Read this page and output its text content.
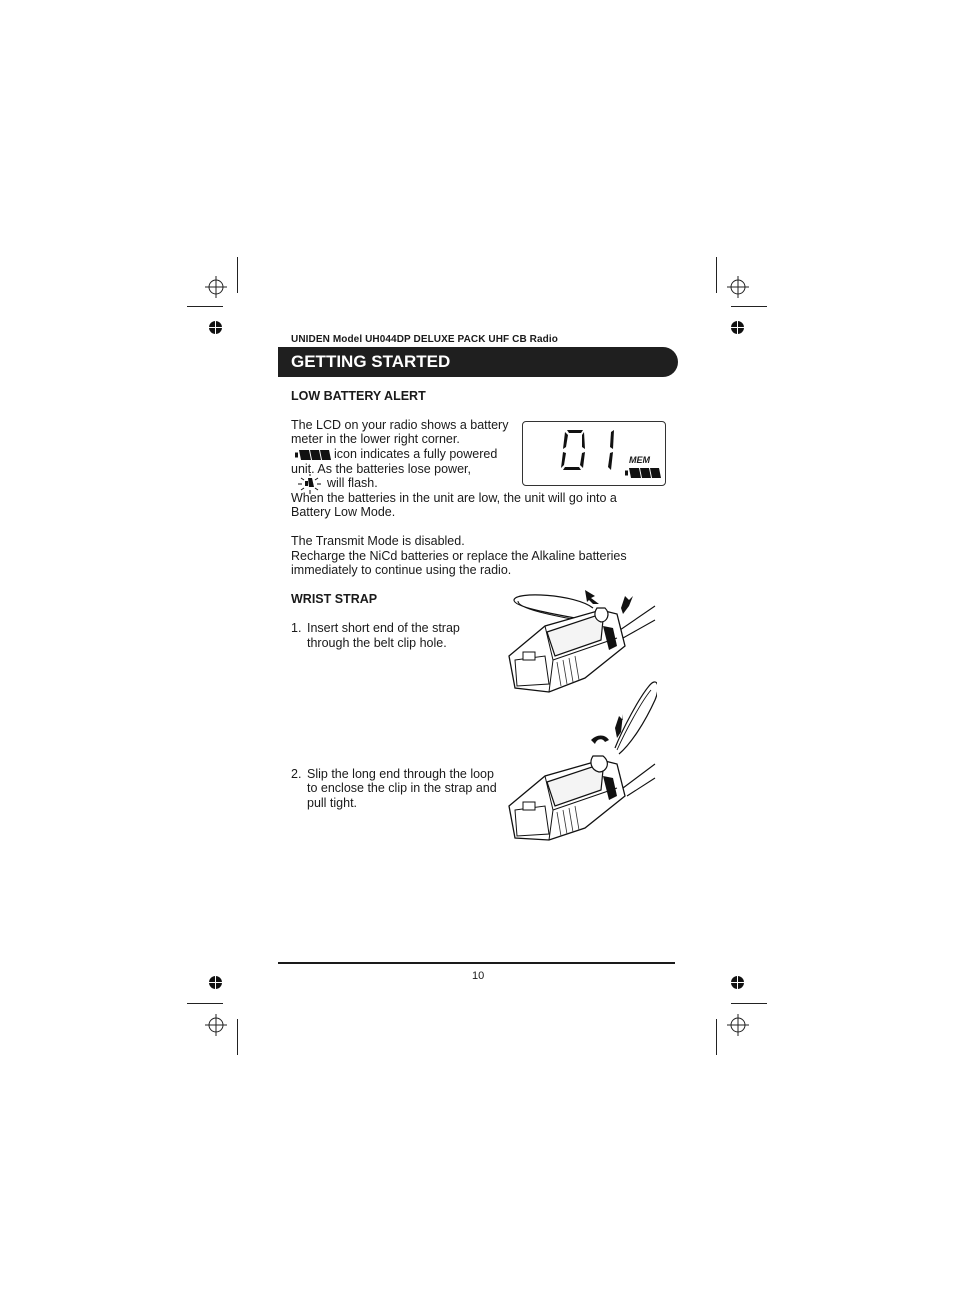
UNIDEN Model UH044DP DELUXE PACK UHF CB Radio
GETTING STARTED
LOW BATTERY ALERT
The LCD on your radio shows a battery
meter in the lower right corner.
icon indicates a fully powered
unit. As the batteries lose power,
will flash.
When the batteries in the unit are low, the unit will go into a
Battery Low Mode.
The Transmit Mode is disabled.
Recharge the NiCd batteries or replace the Alkaline batteries
immediately to continue using the radio.
MEM
WRIST STRAP
1. Insert short end of the strap
through the belt clip hole.
2. Slip the long end through the loop
to enclose the clip in the strap and
pull tight.
10
